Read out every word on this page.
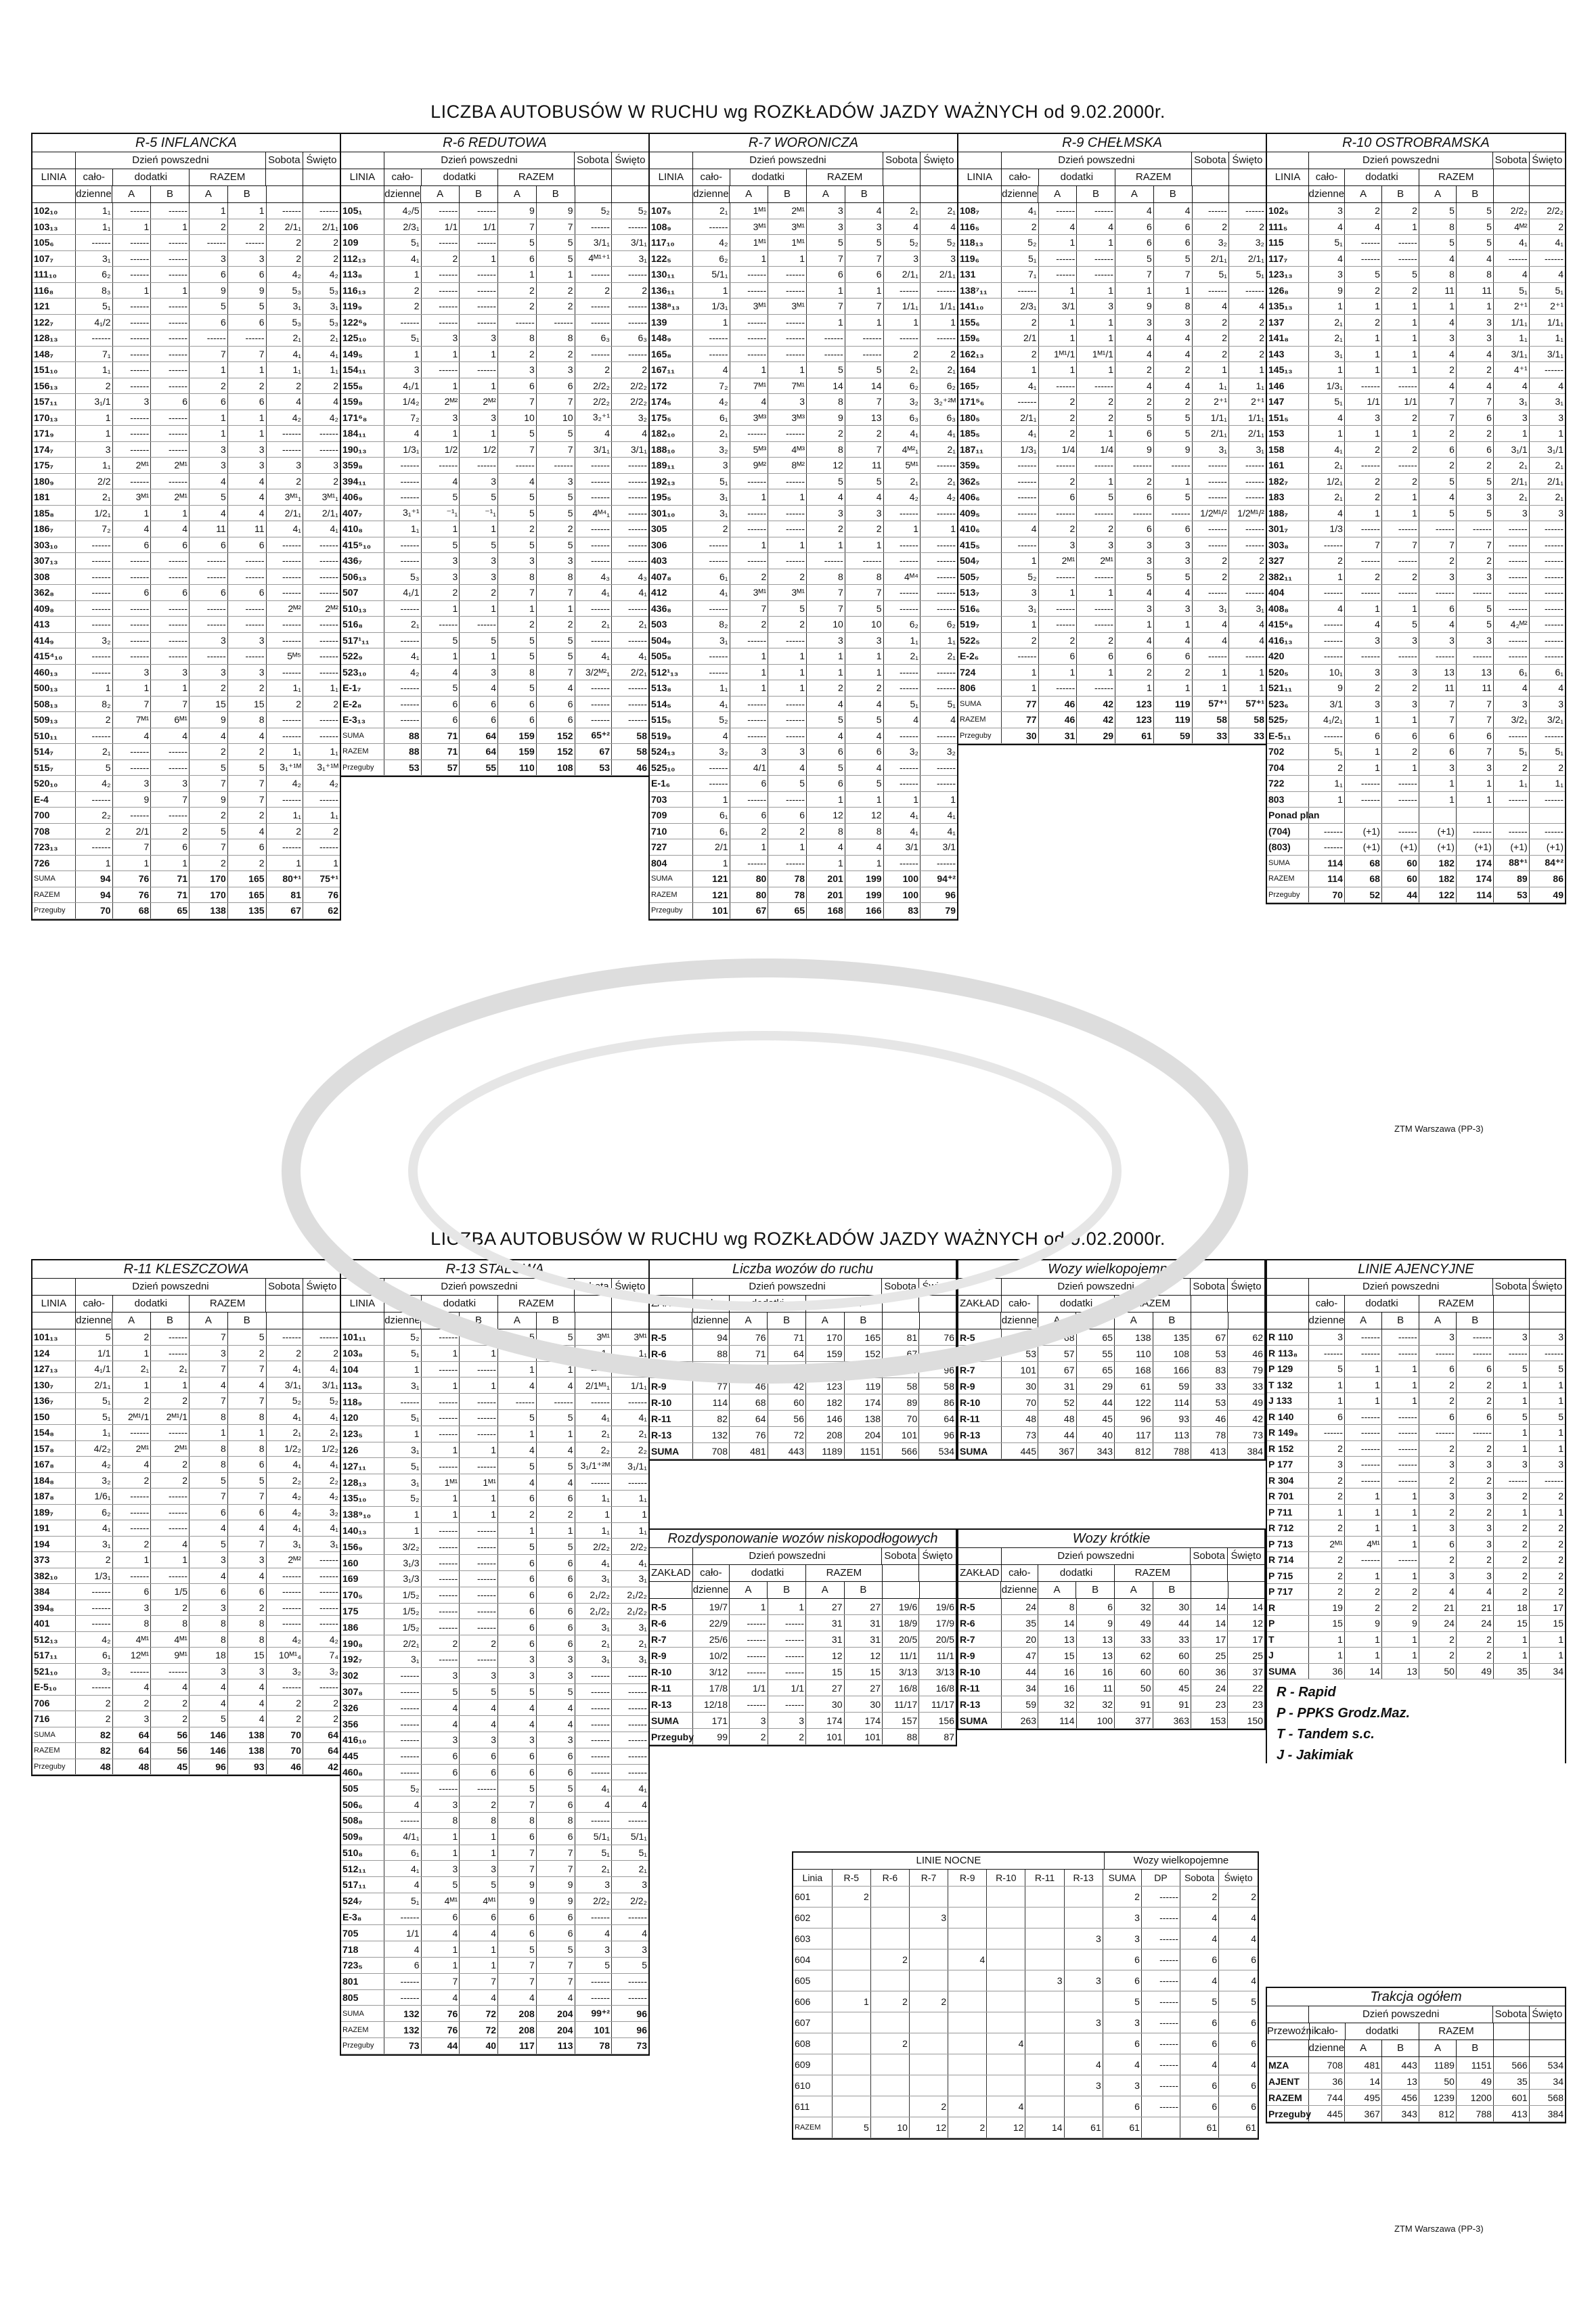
LICZBA AUTOBUSÓW W RUCHU wg ROZKŁADÓW JAZDY WAŻNYCH od 9.02.2000r.
R-5 INFLANCKA
Dzień powszedni	Sobota Święto
LINIA	cało-	dodatki	RAZEM
dzienne	A	B	A	B
102₁₀	1₁	------	------	1	1	------	------
103₁₃	1₁	1	1	2	2	2/1₁	2/1₁
105₆	------	------	------	------	------	2	2
107₇	3₁	------	------	3	3	2	2
111₁₀	6₂	------	------	6	6	4₂	4₂
116₈	8₃	1	1	9	9	5₃	5₃
121	5₁	------	------	5	5	3₁	3₁
122₇	4₁/2	------	------	6	6	5₃	5₃
128₁₃	------	------	------	------	------	2₁	2₁
148₇	7₁	------	------	7	7	4₁	4₁
151₁₀	1₁	------	------	1	1	1₁	1₁
156₁₃	2	------	------	2	2	2	2
157₁₁	3₁/1	3	6	6	6	4	4
170₁₃	1	------	------	1	1	4₂	4₂
171₉	1	------	------	1	1	------	------
174₇	3	------	------	3	3	------	------
175₇	1₁	2ᴹ¹	2ᴹ¹	3	3	3	3
180₉	2/2	------	------	4	4	2	2
181	2₁	3ᴹ¹	2ᴹ¹	5	4	3ᴹ¹₁	3ᴹ¹₁
185₈	1/2₁	1	1	4	4	2/1₁	2/1₁
186₇	7₂	4	4	11	11	4₁	4₁
303₁₀	------	6	6	6	6	------	------
307₁₃	------	------	------	------	------	------	------
308	------	------	------	------	------	------	------
362₈	------	6	6	6	6	------	------
409₈	------	------	------	------	------	2ᴹ²	2ᴹ²
413	------	------	------	------	------	------	------
414₉	3₂	------	------	3	3	------	------
415⁴₁₀	------	------	------	------	------	5ᴹ⁵	------
460₁₃	------	3	3	3	3	------	------
500₁₃	1	1	1	2	2	1₁	1₁
508₁₃	8₂	7	7	15	15	2	2
509₁₃	2	7ᴹ¹	6ᴹ¹	9	8	------	------
510₁₁	------	4	4	4	4	------	------
514₇	2₁	------	------	2	2	1₁	1₁
515₇	5	------	------	5	5	3₁⁺¹ᴹ	3₁⁺¹ᴹ
520₁₀	4₂	3	3	7	7	4₂	4₂
E-4	------	9	7	9	7	------	------
700	2₂	------	------	2	2	1₁	1₁
708	2	2/1	2	5	4	2	2
723₁₃	------	7	6	7	6	------	------
726	1	1	1	2	2	1	1
SUMA	94	76	71	170	165	80⁺¹	75⁺¹
RAZEM	94	76	71	170	165	81	76
Przeguby	70	68	65	138	135	67	62
R-6 REDUTOWA
Dzień powszedni	Sobota Święto
LINIA	cało-	dodatki	RAZEM
dzienne	A	B	A	B
105₁	4₂/5	------	------	9	9	5₂	5₂
106	2/3₁	1/1	1/1	7	7	------	------
109	5₁	------	------	5	5	3/1₁	3/1₁
112₁₃	4₁	2	1	6	5	4ᴹ¹⁺¹	3₁
113₈	1	------	------	1	1	------	------
116₁₃	2	------	------	2	2	2	2
119₉	2	------	------	2	2	------	------
122⁶₉	------	------	------	------	------	------	------
125₁₀	5₁	3	3	8	8	6₃	6₃
149₅	1	1	1	2	2	------	------
154₁₁	3	------	------	3	3	2	2
155₈	4₁/1	1	1	6	6	2/2₂	2/2₂
159₈	1/4₂	2ᴹ²	2ᴹ²	7	7	2/2₂	2/2₂
171⁶₈	7₂	3	3	10	10	3₂⁺¹	3₂
184₁₁	4	1	1	5	5	4	4
190₁₃	1/3₁	1/2	1/2	7	7	3/1₁	3/1₁
359₈	------	------	------	------	------	------	------
394₁₁	------	4	3	4	3	------	------
406₉	------	5	5	5	5	------	------
407₇	3₁⁺¹	⁻¹₁	⁻¹₁	5	5	4ᴹ⁴₁	------
410₈	1₁	1	1	2	2	------	------
415⁵₁₀	------	5	5	5	5	------	------
436₇	------	3	3	3	3	------	------
506₁₃	5₃	3	3	8	8	4₃	4₃
507	4₁/1	2	2	7	7	4₁	4₁
510₁₃	------	1	1	1	1	------	------
516₈	2₁	------	------	2	2	2₁	2₁
517¹₁₁	------	5	5	5	5	------	------
522₉	4₁	1	1	5	5	4₁	4₁
523₁₀	4₂	4	3	8	7	3/2ᴹ²₁	2/2₁
E-1₇	------	5	4	5	4	------	------
E-2₈	------	6	6	6	6	------	------
E-3₁₃	------	6	6	6	6	------	------
SUMA	88	71	64	159	152	65⁺²	58
RAZEM	88	71	64	159	152	67	58
Przeguby	53	57	55	110	108	53	46
R-7 WORONICZA
Dzień powszedni	Sobota Święto
LINIA	cało-	dodatki	RAZEM
dzienne	A	B	A	B
107₅	2₁	1ᴹ¹	2ᴹ¹	3	4	2₁	2₁
108₉	------	3ᴹ¹	3ᴹ¹	3	3	4	4
117₁₀	4₂	1ᴹ¹	1ᴹ¹	5	5	5₂	5₂
122₅	6₂	1	1	7	7	3	3
130₁₁	5/1₁	------	------	6	6	2/1₁	2/1₁
136₁₁	1	------	------	1	1	------	------
138⁸₁₃	1/3₁	3ᴹ¹	3ᴹ¹	7	7	1/1₁	1/1₁
139	1	------	------	1	1	1	1
148₉	------	------	------	------	------	------	------
165₈	------	------	------	------	------	2	2
167₁₁	4	1	1	5	5	2₁	2₁
172	7₂	7ᴹ¹	7ᴹ¹	14	14	6₂	6₂
174₅	4₂	4	3	8	7	3₂	3₂⁺²ᴹ
175₅	6₁	3ᴹ³	3ᴹ³	9	13	6₃	6₃
182₁₀	2₁	------	------	2	2	4₁	4₁
188₁₀	3₂	5ᴹ³	4ᴹ³	8	7	4ᴹ²₁	2₁
189₁₁	3	9ᴹ²	8ᴹ²	12	11	5ᴹ¹	------
192₁₃	5₁	------	------	5	5	2₁	2₁
195₅	3₁	1	1	4	4	4₂	4₂
301₁₀	3₁	------	------	3	3	------	------
305	2	------	------	2	2	1	1
306	------	1	1	1	1	------	------
403	------	------	------	------	------	------	------
407₈	6₁	2	2	8	8	4ᴹ⁴	------
412	4₁	3ᴹ¹	3ᴹ¹	7	7	------	------
436₈	------	7	5	7	5	------	------
503	8₂	2	2	10	10	6₂	6₂
504₉	3₁	------	------	3	3	1₁	1₁
505₈	------	1	1	1	1	2₁	2₁
512¹₁₃	------	1	1	1	1	------	------
513₈	1₁	1	1	2	2	------	------
514₅	4₁	------	------	4	4	5₁	5₁
515₅	5₂	------	------	5	5	4	4
519₉	4	------	------	4	4	------	------
524₁₃	3₂	3	3	6	6	3₂	3₂
525₁₀	------	4/1	4	5	4	------	------
E-1₆	------	6	5	6	5	------	------
703	1	------	------	1	1	1	1
709	6₁	6	6	12	12	4₁	4₁
710	6₁	2	2	8	8	4₁	4₁
727	2/1	1	1	4	4	3/1	3/1
804	1	------	------	1	1	------	------
SUMA	121	80	78	201	199	100	94⁺²
RAZEM	121	80	78	201	199	100	96
Przeguby	101	67	65	168	166	83	79
R-9 CHEŁMSKA
Dzień powszedni	Sobota Święto
LINIA	cało-	dodatki	RAZEM
dzienne	A	B	A	B
108₇	4₁	------	------	4	4	------	------
116₅	2	4	4	6	6	2	2
118₁₃	5₂	1	1	6	6	3₂	3₂
119₆	5₁	------	------	5	5	2/1₁	2/1₁
131	7₁	------	------	7	7	5₁	5₁
138⁷₁₁	------	1	1	1	1	------	------
141₁₀	2/3₁	3/1	3	9	8	4	4
155₆	2	1	1	3	3	2	2
159₆	2/1	1	1	4	4	2	2
162₁₃	2	1ᴹ¹/1	1ᴹ¹/1	4	4	2	2
164	1	1	1	2	2	1	1
165₇	4₁	------	------	4	4	1₁	1₁
171⁵₆	------	2	2	2	2	2⁺¹	2⁺¹
180₅	2/1₁	2	2	5	5	1/1₁	1/1₁
185₅	4₁	2	1	6	5	2/1₁	2/1₁
187₁₁	1/3₁	1/4	1/4	9	9	3₁	3₁
359₆	------	------	------	------	------	------	------
362₅	------	2	1	2	1	------	------
406₆	------	6	5	6	5	------	------
409₅	------	------	------	------	------	1/2ᴹ¹/²	1/2ᴹ¹/²
410₆	4	2	2	6	6	------	------
415₅	------	3	3	3	3	------	------
504₇	1	2ᴹ¹	2ᴹ¹	3	3	2	2
505₇	5₂	------	------	5	5	2	2
513₇	3	1	1	4	4	------	------
516₆	3₁	------	------	3	3	3₁	3₁
519₇	1	------	------	1	1	4	4
522₅	2	2	2	4	4	4	4
E-2₆	------	6	6	6	6	------	------
724	1	1	1	2	2	1	1
806	1	------	------	1	1	1	1
SUMA	77	46	42	123	119	57⁺¹	57⁺¹
RAZEM	77	46	42	123	119	58	58
Przeguby	30	31	29	61	59	33	33
R-10 OSTROBRAMSKA
Dzień powszedni	Sobota Święto
LINIA	cało-	dodatki	RAZEM
dzienne	A	B	A	B
102₅	3	2	2	5	5	2/2₂	2/2₂
111₅	4	4	1	8	5	4ᴹ²	2
115	5₁	------	------	5	5	4₁	4₁
117₇	4	------	------	4	4	------	------
123₁₃	3	5	5	8	8	4	4
126₈	9	2	2	11	11	5₁	5₁
135₁₃	1	1	1	1	1	2⁺¹	2⁺¹
137	2₁	2	1	4	3	1/1₁	1/1₁
141₈	2₁	1	1	3	3	1₁	1₁
143	3₁	1	1	4	4	3/1₁	3/1₁
145₁₃	1	1	1	2	2	4⁺¹	------
146	1/3₁	------	------	4	4	4	4
147	5₁	1/1	1/1	7	7	3₁	3₁
151₅	4	3	2	7	6	3	3
153	1	1	1	2	2	1	1
158	4₁	2	2	6	6	3₁/1	3₁/1
161	2₁	------	------	2	2	2₁	2₁
182₇	1/2₁	2	2	5	5	2/1₁	2/1₁
183	2₁	2	1	4	3	2₁	2₁
188₇	4	1	1	5	5	3	3
301₇	1/3	------	------	------	------	------	------
303₈	------	7	7	7	7	------	------
327	2	------	------	2	2	------	------
382₁₁	1	2	2	3	3	------	------
404	------	------	------	------	------	------	------
408₈	4	1	1	6	5	------	------
415⁶₈	------	4	5	4	5	4₂ᴹ²	------
416₁₃	------	3	3	3	3	------	------
420	------	------	------	------	------	------	------
520₅	10₁	3	3	13	13	6₁	6₁
521₁₁	9	2	2	11	11	4	4
523₆	3/1	3	3	7	7	3	3
525₇	4₁/2₁	1	1	7	7	3/2₁	3/2₁
E-5₁₁	------	6	6	6	6	------	------
702	5₁	1	2	6	7	5₁	5₁
704	2	1	1	3	3	2	2
722	1₁	------	------	1	1	1₁	1₁
803	1	------	------	1	1	------	------
Ponad plan							
(704)	------	(+1)	------	(+1)	------	------	------
(803)	------	(+1)	(+1)	(+1)	(+1)	(+1)	(+1)
SUMA	114	68	60	182	174	88⁺¹	84⁺²
RAZEM	114	68	60	182	174	89	86
Przeguby	70	52	44	122	114	53	49
ZTM Warszawa (PP-3)
LICZBA AUTOBUSÓW W RUCHU wg ROZKŁADÓW JAZDY WAŻNYCH od 9.02.2000r.
R-11 KLESZCZOWA
Dzień powszedni	Sobota Święto
LINIA	cało-	dodatki	RAZEM
dzienne	A	B	A	B
101₁₃	5	2	------	7	5	------	------
124	1/1	1	------	3	2	2	2
127₁₃	4₁/1	2₁	2₁	7	7	4₁	4₁
130₇	2/1₁	1	1	4	4	3/1₁	3/1₁
136₇	5₁	2	2	7	7	5₂	5₂
150	5₁	2ᴹ¹/1	2ᴹ¹/1	8	8	4₁	4₁
154₈	1₁	------	------	1	1	2₁	2₁
157₈	4/2₂	2ᴹ¹	2ᴹ¹	8	8	1/2₂	1/2₂
167₈	4₂	4	2	8	6	4₁	4₁
184₈	3₂	2	2	5	5	2₂	2₂
187₈	1/6₁	------	------	7	7	4₂	4₂
189₇	6₂	------	------	6	6	4₂	3₂
191	4₁	------	------	4	4	4₁	4₁
194	3₁	2	4	5	7	3₁	3₁
373	2	1	1	3	3	2ᴹ²	------
382₁₀	1/3₁	------	------	4	4	------	------
384	------	6	1/5	6	6	------	------
394₈	------	3	2	3	2	------	------
401	------	8	8	8	8	------	------
512₁₃	4₂	4ᴹ¹	4ᴹ¹	8	8	4₂	4₂
517₁₁	6₁	12ᴹ¹	9ᴹ¹	18	15	10ᴹ¹₄	7₄
521₁₀	3₂	------	------	3	3	3₂	3₂
E-5₁₀	------	4	4	4	4	------	------
706	2	2	2	4	4	2	2
716	2	3	2	5	4	2	2
SUMA	82	64	56	146	138	70	64
RAZEM	82	64	56	146	138	70	64
Przeguby	48	48	45	96	93	46	42
R-13 STALOWA
Dzień powszedni	Sobota Święto
LINIA	cało-	dodatki	RAZEM
dzienne	A	B	A	B
101₁₁	5₂	------	------	5	5	3ᴹ¹	3ᴹ¹
103₈	5₁	1	1	6	6	1₁	1₁
104	1	------	------	1	1	------	------
113₈	3₁	1	1	4	4	2/1ᴹ¹₁	1/1₁
118₉	------	------	------	------	------	------	------
120	5₁	------	------	5	5	4₁	4₁
123₅	1	------	------	1	1	2₁	2₁
126	3₁	1	1	4	4	2₂	2₂
127₁₁	5₁	------	------	5	5	3₁/1⁺²ᴹ	3₁/1₁
128₁₃	3₁	1ᴹ¹	1ᴹ¹	4	4	------	------
135₁₀	5₂	1	1	6	6	1₁	1₁
138⁹₁₀	1	1	1	2	2	1	1
140₁₃	1	------	------	1	1	1₁	1₁
156₉	3/2₂	------	------	5	5	2/2₂	2/2₂
160	3₁/3	------	------	6	6	4₁	4₁
169	3₁/3	------	------	6	6	3₁	3₁
170₅	1/5₂	------	------	6	6	2₁/2₂	2₁/2₂
175	1/5₂	------	------	6	6	2₁/2₂	2₁/2₂
186	1/5₂	------	------	6	6	3₁	3₁
190₈	2/2₁	2	2	6	6	2₁	2₁
192₇	3₁	------	------	3	3	3₁	3₁
302	------	3	3	3	3	------	------
307₈	------	5	5	5	5	------	------
326	------	4	4	4	4	------	------
356	------	4	4	4	4	------	------
416₁₀	------	3	3	3	3	------	------
445	------	6	6	6	6	------	------
460₈	------	6	6	6	6	------	------
505	5₂	------	------	5	5	4₁	4₁
506₆	4	3	2	7	6	4	4
508₈	------	8	8	8	8	------	------
509₈	4/1₁	1	1	6	6	5/1₁	5/1₁
510₈	6₁	1	1	7	7	5₁	5₁
512₁₁	4₁	3	3	7	7	2₁	2₁
517₁₁	4	5	5	9	9	3	3
524₇	5₁	4ᴹ¹	4ᴹ¹	9	9	2/2₂	2/2₂
E-3₈	------	6	6	6	6	------	------
705	1/1	4	4	6	6	4	4
718	4	1	1	5	5	3	3
723₅	6	1	1	7	7	5	5
801	------	7	7	7	7	------	------
805	------	4	4	4	4	------	------
SUMA	132	76	72	208	204	99⁺²	96
RAZEM	132	76	72	208	204	101	96
Przeguby	73	44	40	117	113	78	73
Liczba wozów do ruchu
Dzień powszedni	Sobota Święto
ZAKŁAD cało-	dodatki	RAZEM
dzienne	A	B	A	B
R-5	94	76	71	170	165	81	76
R-6	88	71	64	159	152	67	58
R-7	121	80	78	201	199	100	96
R-9	77	46	42	123	119	58	58
R-10	114	68	60	182	174	89	86
R-11	82	64	56	146	138	70	64
R-13	132	76	72	208	204	101	96
SUMA	708	481	443	1189	1151	566	534
Wozy wielkopojemne
Dzień powszedni	Sobota Święto
ZAKŁAD cało-	dodatki	RAZEM
dzienne	A	B	A	B
R-5	70	68	65	138	135	67	62
R-6	53	57	55	110	108	53	46
R-7	101	67	65	168	166	83	79
R-9	30	31	29	61	59	33	33
R-10	70	52	44	122	114	53	49
R-11	48	48	45	96	93	46	42
R-13	73	44	40	117	113	78	73
SUMA	445	367	343	812	788	413	384
Rozdysponowanie wozów niskopodłogowych
Dzień powszedni	Sobota Święto
ZAKŁAD cało-	dodatki	RAZEM
dzienne	A	B	A	B
R-5	19/7	1	1	27	27	19/6	19/6
R-6	22/9	------	------	31	31	18/9	17/9
R-7	25/6	------	------	31	31	20/5	20/5
R-9	10/2	------	------	12	12	11/1	11/1
R-10	3/12	------	------	15	15	3/13	3/13
R-11	17/8	1/1	1/1	27	27	16/8	16/8
R-13	12/18	------	------	30	30	11/17	11/17
SUMA	171	3	3	174	174	157	156
Przeguby	99	2	2	101	101	88	87
Wozy krótkie
Dzień powszedni	Sobota Święto
ZAKŁAD cało-	dodatki	RAZEM
dzienne	A	B	A	B
R-5	24	8	6	32	30	14	14
R-6	35	14	9	49	44	14	12
R-7	20	13	13	33	33	17	17
R-9	47	15	13	62	60	25	25
R-10	44	16	16	60	60	36	37
R-11	34	16	11	50	45	24	22
R-13	59	32	32	91	91	23	23
SUMA	263	114	100	377	363	153	150
LINIE AJENCYJNE
Dzień powszedni	Sobota Święto
cało-	dodatki	RAZEM
dzienne	A	B	A	B
R 110	3	------	------	3	------	3	3
R 113₈	------	------	------	------	------	------	------
P 129	5	1	1	6	6	5	5
T 132	1	1	1	2	2	1	1
J 133	1	1	1	2	2	1	1
R 140	6	------	------	6	6	5	5
R 149₈	------	------	------	------	------	1	1
R 152	2	------	------	2	2	1	1
P 177	3	------	------	3	3	3	3
R 304	2	------	------	2	2	------	------
R 701	2	1	1	3	3	2	2
P 711	1	1	1	2	2	1	1
R 712	2	1	1	3	3	2	2
P 713	2ᴹ¹	4ᴹ¹	1	6	3	2	2
R 714	2	------	------	2	2	2	2
P 715	2	1	1	3	3	2	2
P 717	2	2	2	4	4	2	2
R	19	2	2	21	21	18	17
P	15	9	9	24	24	15	15
T	1	1	1	2	2	1	1
J	1	1	1	2	2	1	1
SUMA	36	14	13	50	49	35	34
R - Rapid
P - PPKS Grodz.Maz.
T - Tandem s.c.
J - Jakimiak
LINIE NOCNE	Wozy wielkopojemne
Linia	R-5	R-6	R-7	R-9	R-10	R-11	R-13	SUMA	DP	Sobota	Święto
601	2							2	------	2	2
602			3					3	------	4	4
603							3	3	------	4	4
604		2		4				6	------	6	6
605						3	3	6	------	4	4
606	1	2	2					5	------	5	5
607							3	3	------	6	6
608		2			4			6	------	6	6
609							4	4	------	4	4
610							3	3	------	6	6
611			2		4			6	------	6	6
RAZEM	5	10	12	2	12	14	61	61		61	61
Trakcja ogółem
Dzień powszedni	Sobota Święto
Przewoźnik
cało-	dodatki	RAZEM
dzienne	A	B	A	B
MZA	708	481	443	1189	1151	566	534
AJENT	36	14	13	50	49	35	34
RAZEM	744	495	456	1239	1200	601	568
Przeguby	445	367	343	812	788	413	384
ZTM Warszawa (PP-3)
